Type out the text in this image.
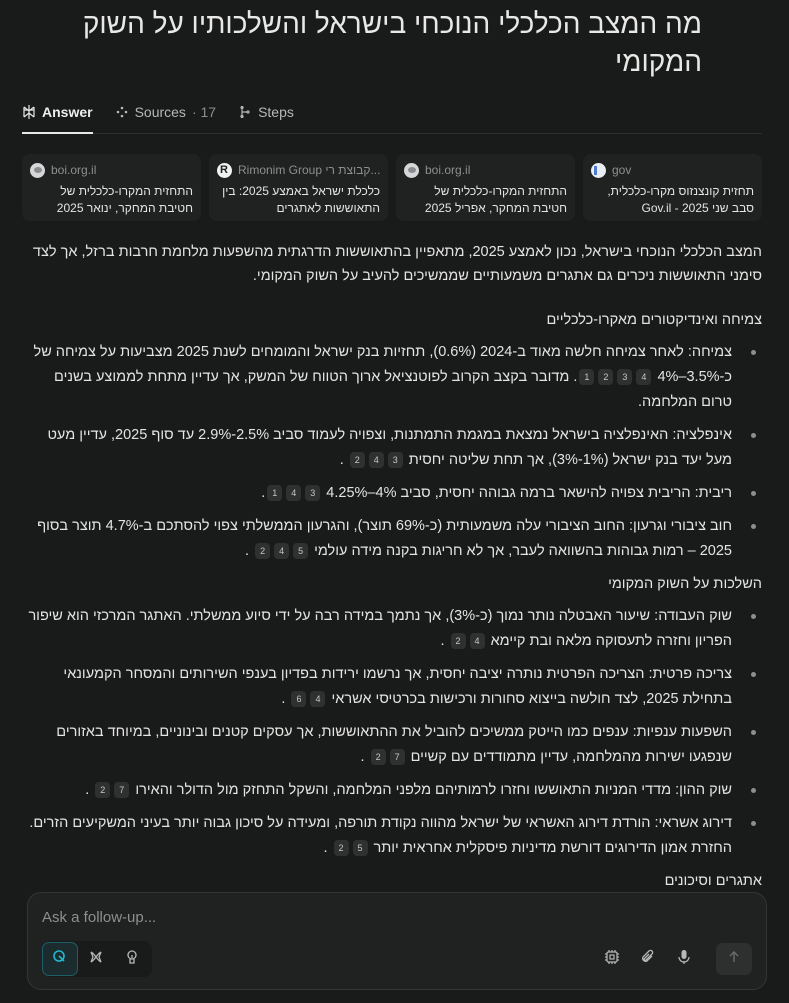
מה המצב הכלכלי הנוכחי בישראל והשלכותיו על השוק המקומי
Answer	Sources · 17	Steps
boi.org.il
התחזית המקרו-כלכלית של חטיבת המחקר, ינואר 2025
R
Rimonim Group קבוצת רי...
כלכלת ישראל באמצע 2025: בין התאוששות לאתגרים
boi.org.il
התחזית המקרו-כלכלית של חטיבת המחקר, אפריל 2025
gov
תחזית קונצנזוס מקרו-כלכלית, סבב שני 2025 - Gov.il

המצב הכלכלי הנוכחי בישראל, נכון לאמצע 2025, מתאפיין בהתאוששות הדרגתית מהשפעות מלחמת חרבות ברזל, אך לצד סימני התאוששות ניכרים גם אתגרים משמעותיים שממשיכים להעיב על השוק המקומי.

צמיחה ואינדיקטורים מאקרו-כלכליים
צמיחה: לאחר צמיחה חלשה מאוד ב-2024 (0.6%), תחזיות בנק ישראל והמומחים לשנת 2025 מצביעות על צמיחה של כ-3.5%–4% 4321. מדובר בקצב הקרוב לפוטנציאל ארוך הטווח של המשק, אך עדיין מתחת לממוצע בשנים טרום המלחמה.
אינפלציה: האינפלציה בישראל נמצאת במגמת התמתנות, וצפויה לעמוד סביב 2.5%-2.9% עד סוף 2025, עדיין מעט מעל יעד בנק ישראל (1%-3%), אך תחת שליטה יחסית 342 .
ריבית: הריבית צפויה להישאר ברמה גבוהה יחסית, סביב 4%–4.25% 341.
חוב ציבורי וגרעון: החוב הציבורי עלה משמעותית (כ-69% תוצר), והגרעון הממשלתי צפוי להסתכם ב-4.7% תוצר בסוף 2025 – רמות גבוהות בהשוואה לעבר, אך לא חריגות בקנה מידה עולמי 542 .
השלכות על השוק המקומי
שוק העבודה: שיעור האבטלה נותר נמוך (כ-3%), אך נתמך במידה רבה על ידי סיוע ממשלתי. האתגר המרכזי הוא שיפור הפריון וחזרה לתעסוקה מלאה ובת קיימא 42 .
צריכה פרטית: הצריכה הפרטית נותרה יציבה יחסית, אך נרשמו ירידות בפדיון בענפי השירותים והמסחר הקמעונאי בתחילת 2025, לצד חולשה בייצוא סחורות ורכישות בכרטיסי אשראי 46 .
השפעות ענפיות: ענפים כמו הייטק ממשיכים להוביל את ההתאוששות, אך עסקים קטנים ובינוניים, במיוחד באזורים שנפגעו ישירות מהמלחמה, עדיין מתמודדים עם קשיים 72 .
שוק ההון: מדדי המניות התאוששו וחזרו לרמותיהם מלפני המלחמה, והשקל התחזק מול הדולר והאירו 72 .
דירוג אשראי: הורדת דירוג האשראי של ישראל מהווה נקודת תורפה, ומעידה על סיכון גבוה יותר בעיני המשקיעים הזרים. החזרת אמון הדירוגים דורשת מדיניות פיסקלית אחראית יותר 52 .
אתגרים וסיכונים
Ask a follow-up...
